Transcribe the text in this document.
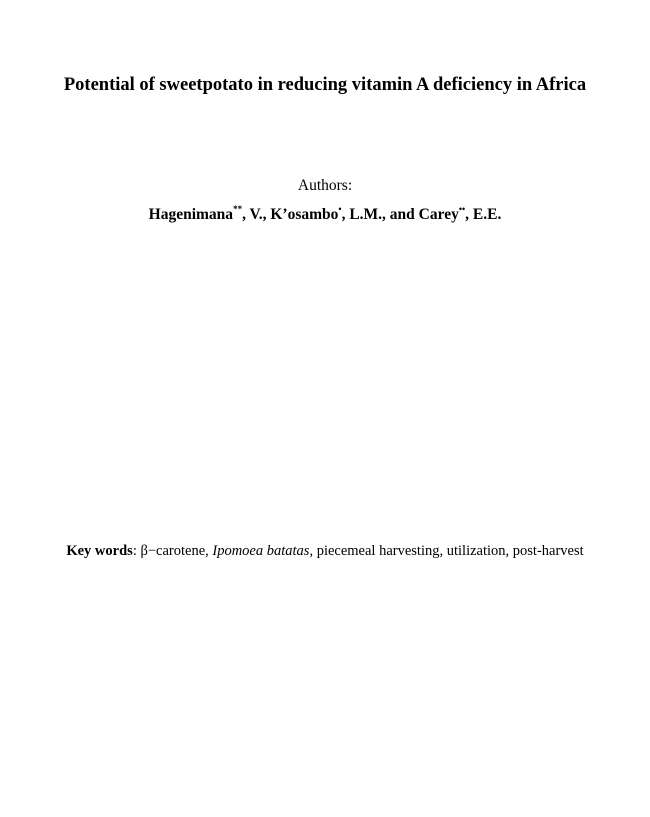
Potential of sweetpotato in reducing vitamin A deficiency in Africa
Authors:
Hagenimana**, V., K’osambo•, L.M., and Carey••, E.E.
Key words: β−carotene, Ipomoea batatas, piecemeal harvesting, utilization, post-harvest
